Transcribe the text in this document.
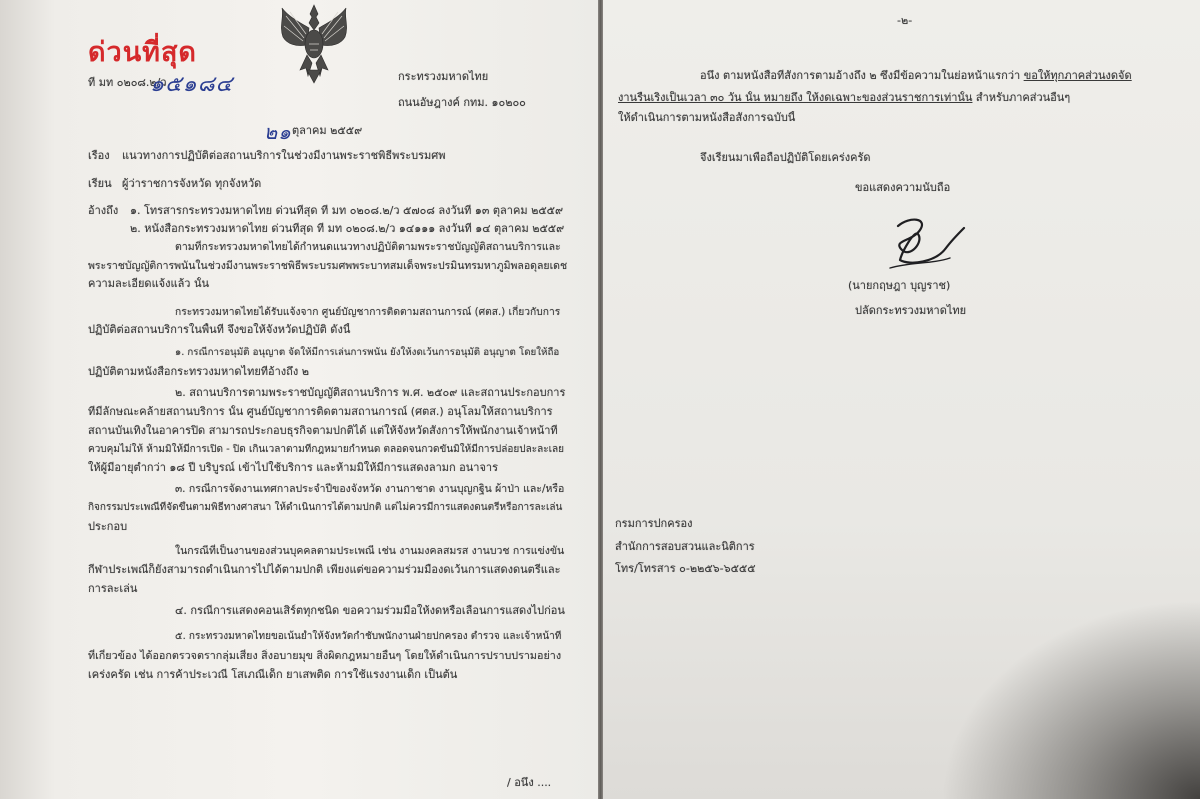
ด่วนที่สุด
ที่ มท ๐๒๐๘.๒/ว
๑๕๑๘๔	กระทรวงมหาดไทย
ถนนอัษฎางค์ กทม. ๑๐๒๐๐
๒๑ ตุลาคม ๒๕๕๙
เรื่อง แนวทางการปฏิบัติต่อสถานบริการในช่วงมีงานพระราชพิธีพระบรมศพ
เรียน ผู้ว่าราชการจังหวัด ทุกจังหวัด
อ้างถึง ๑. โทรสารกระทรวงมหาดไทย ด่วนที่สุด ที่ มท ๐๒๐๘.๒/ว ๕๗๐๘ ลงวันที่ ๑๓ ตุลาคม ๒๕๕๙
๒. หนังสือกระทรวงมหาดไทย ด่วนที่สุด ที่ มท ๐๒๐๘.๒/ว ๑๔๑๑๑ ลงวันที่ ๑๔ ตุลาคม ๒๕๕๙
ตามที่กระทรวงมหาดไทยได้กำหนดแนวทางปฏิบัติตามพระราชบัญญัติสถานบริการและ
พระราชบัญญัติการพนันในช่วงมีงานพระราชพิธีพระบรมศพพระบาทสมเด็จพระปรมินทรมหาภูมิพลอดุลยเดช
ความละเอียดแจ้งแล้ว นั้น
กระทรวงมหาดไทยได้รับแจ้งจาก ศูนย์บัญชาการติดตามสถานการณ์ (ศตส.) เกี่ยวกับการ
ปฏิบัติต่อสถานบริการในพื้นที่ จึงขอให้จังหวัดปฏิบัติ ดังนี้
๑. กรณีการอนุมัติ อนุญาต จัดให้มีการเล่นการพนัน ยังให้งดเว้นการอนุมัติ อนุญาต โดยให้ถือ
ปฏิบัติตามหนังสือกระทรวงมหาดไทยที่อ้างถึง ๒
๒. สถานบริการตามพระราชบัญญัติสถานบริการ พ.ศ. ๒๕๐๙ และสถานประกอบการ
ที่มีลักษณะคล้ายสถานบริการ นั้น ศูนย์บัญชาการติดตามสถานการณ์ (ศตส.) อนุโลมให้สถานบริการ
สถานบันเทิงในอาคารปิด สามารถประกอบธุรกิจตามปกติได้ แต่ให้จังหวัดสั่งการให้พนักงานเจ้าหน้าที่
ควบคุมไม่ให้ ห้ามมิให้มีการเปิด - ปิด เกินเวลาตามที่กฎหมายกำหนด ตลอดจนกวดขันมิให้มีการปล่อยปละละเลย
ให้ผู้มีอายุต่ำกว่า ๑๘ ปี บริบูรณ์ เข้าไปใช้บริการ และห้ามมิให้มีการแสดงลามก อนาจาร
๓. กรณีการจัดงานเทศกาลประจำปีของจังหวัด งานกาชาด งานบุญกฐิน ผ้าป่า และ/หรือ
กิจกรรมประเพณีที่จัดขึ้นตามพิธีทางศาสนา ให้ดำเนินการได้ตามปกติ แต่ไม่ควรมีการแสดงดนตรีหรือการละเล่น
ประกอบ
ในกรณีที่เป็นงานของส่วนบุคคลตามประเพณี เช่น งานมงคลสมรส งานบวช การแข่งขัน
กีฬาประเพณีก็ยังสามารถดำเนินการไปได้ตามปกติ เพียงแต่ขอความร่วมมืองดเว้นการแสดงดนตรีและ
การละเล่น
๔. กรณีการแสดงคอนเสิร์ตทุกชนิด ขอความร่วมมือให้งดหรือเลื่อนการแสดงไปก่อน
๕. กระทรวงมหาดไทยขอเน้นย้ำให้จังหวัดกำชับพนักงานฝ่ายปกครอง ตำรวจ และเจ้าหน้าที่
ที่เกี่ยวข้อง ได้ออกตรวจตรากลุ่มเสี่ยง สิ่งอบายมุข สิ่งผิดกฎหมายอื่นๆ โดยให้ดำเนินการปราบปรามอย่าง
เคร่งครัด เช่น การค้าประเวณี โสเภณีเด็ก ยาเสพติด การใช้แรงงานเด็ก เป็นต้น
/ อนึ่ง ....
-๒-
อนึ่ง ตามหนังสือที่สั่งการตามอ้างถึง ๒ ซึ่งมีข้อความในย่อหน้าแรกว่า ขอให้ทุกภาคส่วนงดจัด
งานรื่นเริงเป็นเวลา ๓๐ วัน นั้น หมายถึง ให้งดเฉพาะของส่วนราชการเท่านั้น สำหรับภาคส่วนอื่นๆ
ให้ดำเนินการตามหนังสือสั่งการฉบับนี้
จึงเรียนมาเพื่อถือปฏิบัติโดยเคร่งครัด
ขอแสดงความนับถือ
(นายกฤษฎา บุญราช)
ปลัดกระทรวงมหาดไทย
กรมการปกครอง
สำนักการสอบสวนและนิติการ
โทร/โทรสาร ๐-๒๒๕๖-๖๕๕๕
